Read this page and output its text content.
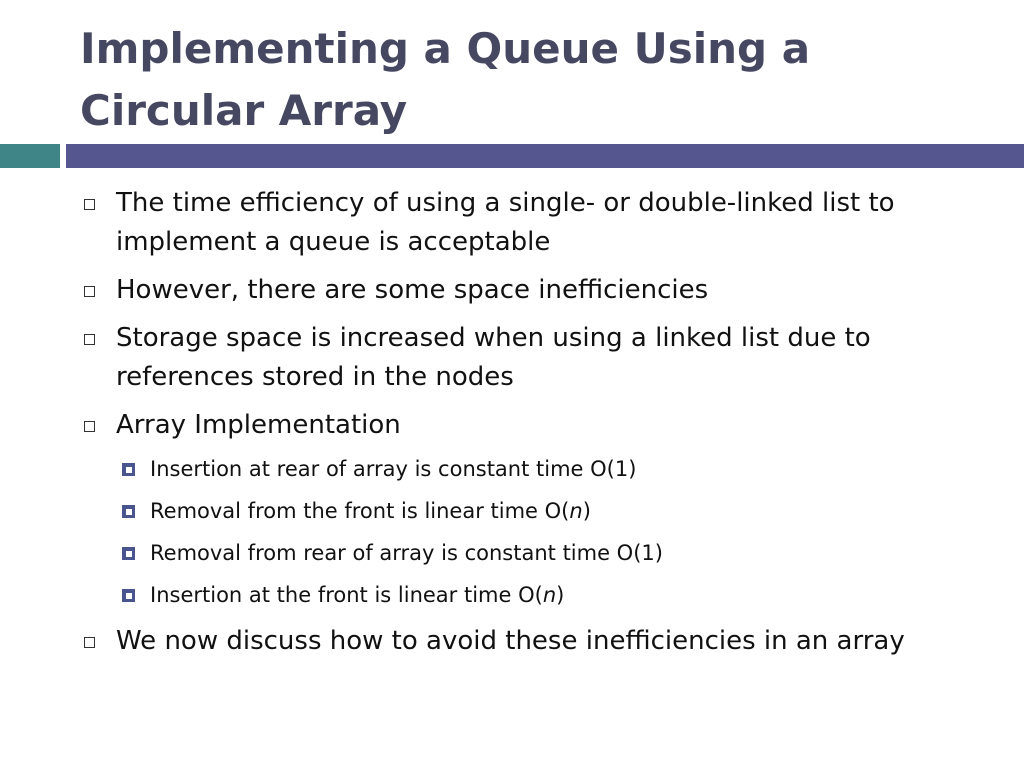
Implementing a Queue Using a
Circular Array
The time efficiency of using a single- or double-linked list to implement a queue is acceptable
However, there are some space inefficiencies
Storage space is increased when using a linked list due to references stored in the nodes
Array Implementation
Insertion at rear of array is constant time O(1)
Removal from the front is linear time O(n)
Removal from rear of array is constant time O(1)
Insertion at the front is linear time O(n)
We now discuss how to avoid these inefficiencies in an array
